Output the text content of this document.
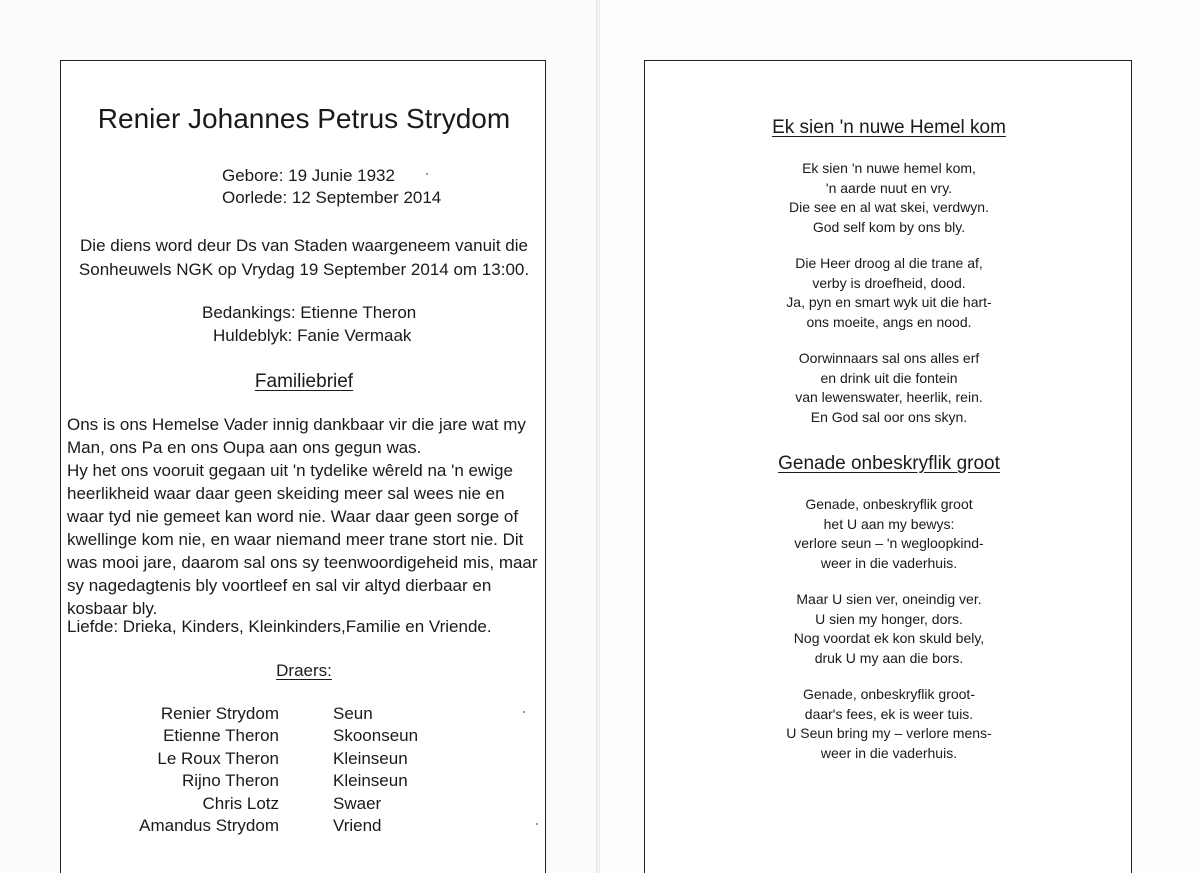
Renier Johannes Petrus Strydom
Gebore: 19 Junie 1932
Oorlede: 12 September 2014
Die diens word deur Ds van Staden waargeneem vanuit die
Sonheuwels NGK op Vrydag 19 September 2014 om 13:00.
Bedankings: Etienne Theron
Huldeblyk: Fanie Vermaak
Familiebrief

Ons is ons Hemelse Vader innig dankbaar vir die jare wat my Man, ons Pa en ons Oupa aan ons gegun was.

Hy het ons vooruit gegaan uit 'n tydelike wêreld na 'n ewige heerlikheid waar daar geen skeiding meer sal wees nie en waar tyd nie gemeet kan word nie. Waar daar geen sorge of kwellinge kom nie, en waar niemand meer trane stort nie. Dit was mooi jare, daarom sal ons sy teenwoordigeheid mis, maar sy nagedagtenis bly voortleef en sal vir altyd dierbaar en kosbaar bly.

Liefde: Drieka, Kinders, Kleinkinders,Familie en Vriende.
Draers:
Renier Strydom	Seun
Etienne Theron	Skoonseun
Le Roux Theron	Kleinseun
Rijno Theron	Kleinseun
Chris Lotz	Swaer
Amandus Strydom	Vriend
Ek sien 'n nuwe Hemel kom
Ek sien 'n nuwe hemel kom,
'n aarde nuut en vry.
Die see en al wat skei, verdwyn.
God self kom by ons bly.
Die Heer droog al die trane af,
verby is droefheid, dood.
Ja, pyn en smart wyk uit die hart-
ons moeite, angs en nood.
Oorwinnaars sal ons alles erf
en drink uit die fontein
van lewenswater, heerlik, rein.
En God sal oor ons skyn.
Genade onbeskryflik groot
Genade, onbeskryflik groot
het U aan my bewys:
verlore seun – 'n wegloopkind-
weer in die vaderhuis.
Maar U sien ver, oneindig ver.
U sien my honger, dors.
Nog voordat ek kon skuld bely,
druk U my aan die bors.
Genade, onbeskryflik groot-
daar's fees, ek is weer tuis.
U Seun bring my – verlore mens-
weer in die vaderhuis.
